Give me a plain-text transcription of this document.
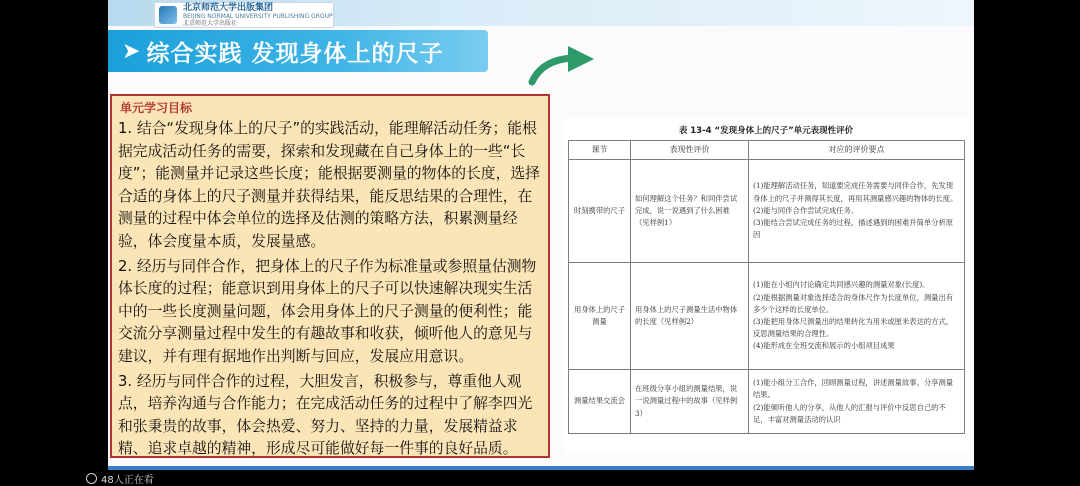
北京师范大学出版集团
BEIJING NORMAL UNIVERSITY PUBLISHING GROUP
北京师范大学出版社
➤ 综合实践 发现身体上的尺子
单元学习目标
1. 结合“发现身体上的尺子”的实践活动，能理解活动任务；能根据完成活动任务的需要，探索和发现藏在自己身体上的一些“长度”；能测量并记录这些长度；能根据要测量的物体的长度，选择合适的身体上的尺子测量并获得结果，能反思结果的合理性，在测量的过程中体会单位的选择及估测的策略方法，积累测量经验，体会度量本质，发展量感。
2. 经历与同伴合作，把身体上的尺子作为标准量或参照量估测物体长度的过程；能意识到用身体上的尺子可以快速解决现实生活中的一些长度测量问题，体会用身体上的尺子测量的便利性；能交流分享测量过程中发生的有趣故事和收获，倾听他人的意见与建议，并有理有据地作出判断与回应，发展应用意识。
3. 经历与同伴合作的过程，大胆发言，积极参与，尊重他人观点，培养沟通与合作能力；在完成活动任务的过程中了解李四光和张秉贵的故事，体会热爱、努力、坚持的力量，发展精益求精、追求卓越的精神，形成尽可能做好每一件事的良好品质。
表 13-4 “发现身体上的尺子”单元表现性评价
课节	表现性评价	对应的评价要点
时刻携带的尺子	如何理解这个任务？和同伴尝试完成，说一说遇到了什么困难（见样例1）	(1)能理解活动任务，知道要完成任务需要与同伴合作，先发现身体上的尺子并测得其长度，再用其测量感兴趣的物体的长度。
(2)能与同伴合作尝试完成任务。
(3)能结合尝试完成任务的过程，描述遇到的困难并简单分析原因

用身体上的尺子测量	用身体上的尺子测量生活中物体的长度（见样例2）	(1)能在小组内讨论确定共同感兴趣的测量对象(长度)。
(2)能根据测量对象选择适合的身体尺作为长度单位，测量出有多少个这样的长度单位。
(3)能把用身体尺测量出的结果转化为用米或厘米表达的方式，反思测量结果的合理性。
(4)能形成在全班交流和展示的小组项目成果

测量结果交流会	在班级分享小组的测量结果，说一说测量过程中的故事（见样例3）	(1)能小组分工合作，回顾测量过程，讲述测量故事、分享测量结果。
(2)能倾听他人的分享，从他人的汇报与评价中反思自己的不足，丰富对测量活动的认识
48人正在看
